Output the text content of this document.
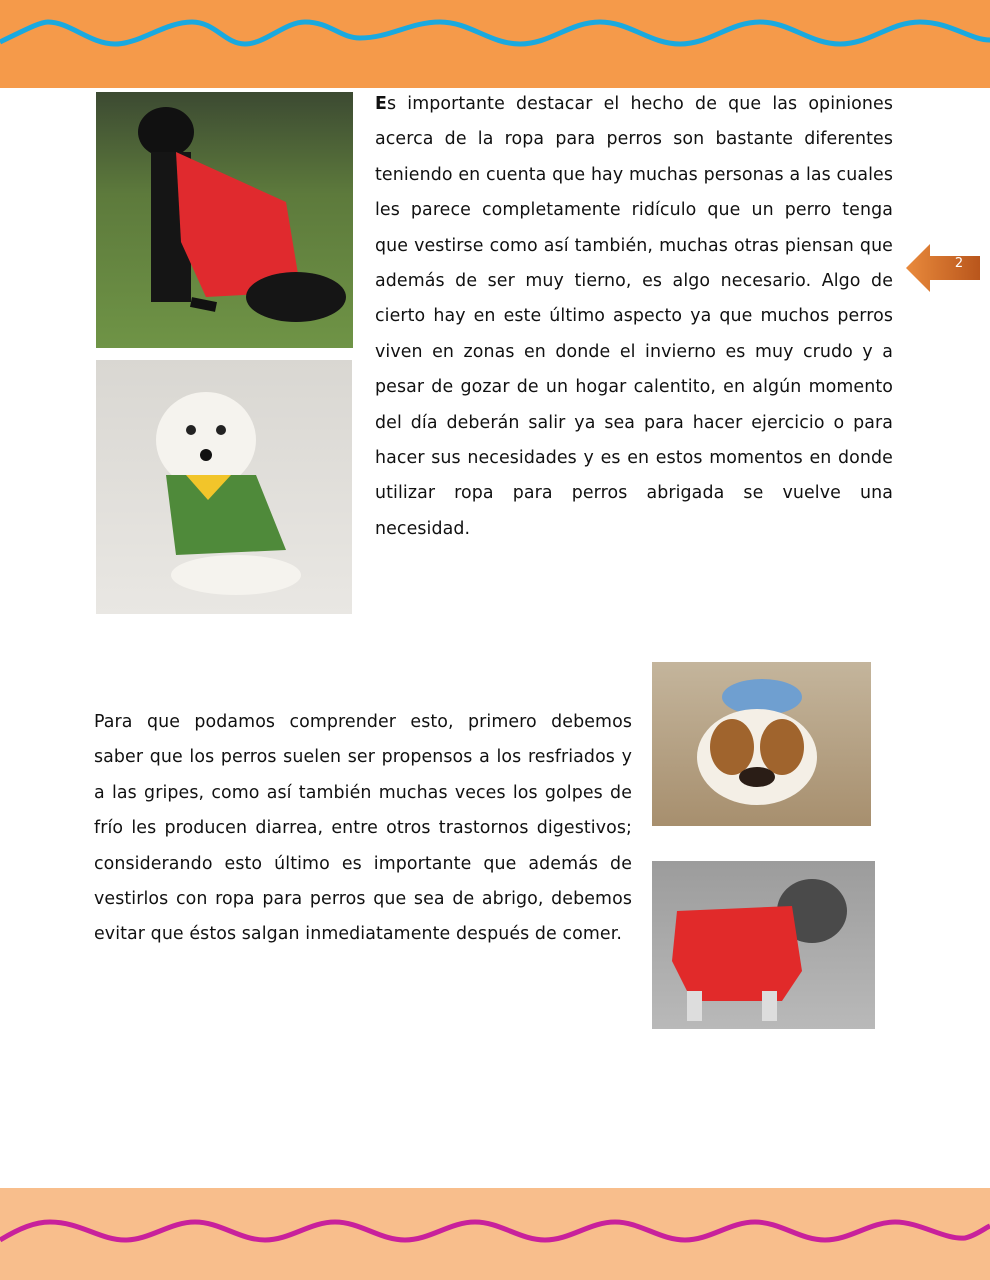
Es importante destacar el hecho de que las opiniones acerca de la ropa para perros son bastante diferentes teniendo en cuenta que hay muchas personas a las cuales les parece completamente ridículo que un perro tenga que vestirse como así también, muchas otras piensan que además de ser muy tierno, es algo necesario. Algo de cierto hay en este último aspecto ya que muchos perros viven en zonas en donde el invierno es muy crudo y a pesar de gozar de un hogar calentito, en algún momento del día deberán salir ya sea para hacer ejercicio o para hacer sus necesidades y es en estos momentos en donde utilizar ropa para perros abrigada se vuelve una necesidad.

Para que podamos comprender esto, primero debemos saber que los perros suelen ser propensos a los resfriados y a las gripes, como así también muchas veces los golpes de frío les producen diarrea, entre otros trastornos digestivos; considerando esto último es importante que además de vestirlos con ropa para perros que sea de abrigo, debemos evitar que éstos salgan inmediatamente después de comer.

2
